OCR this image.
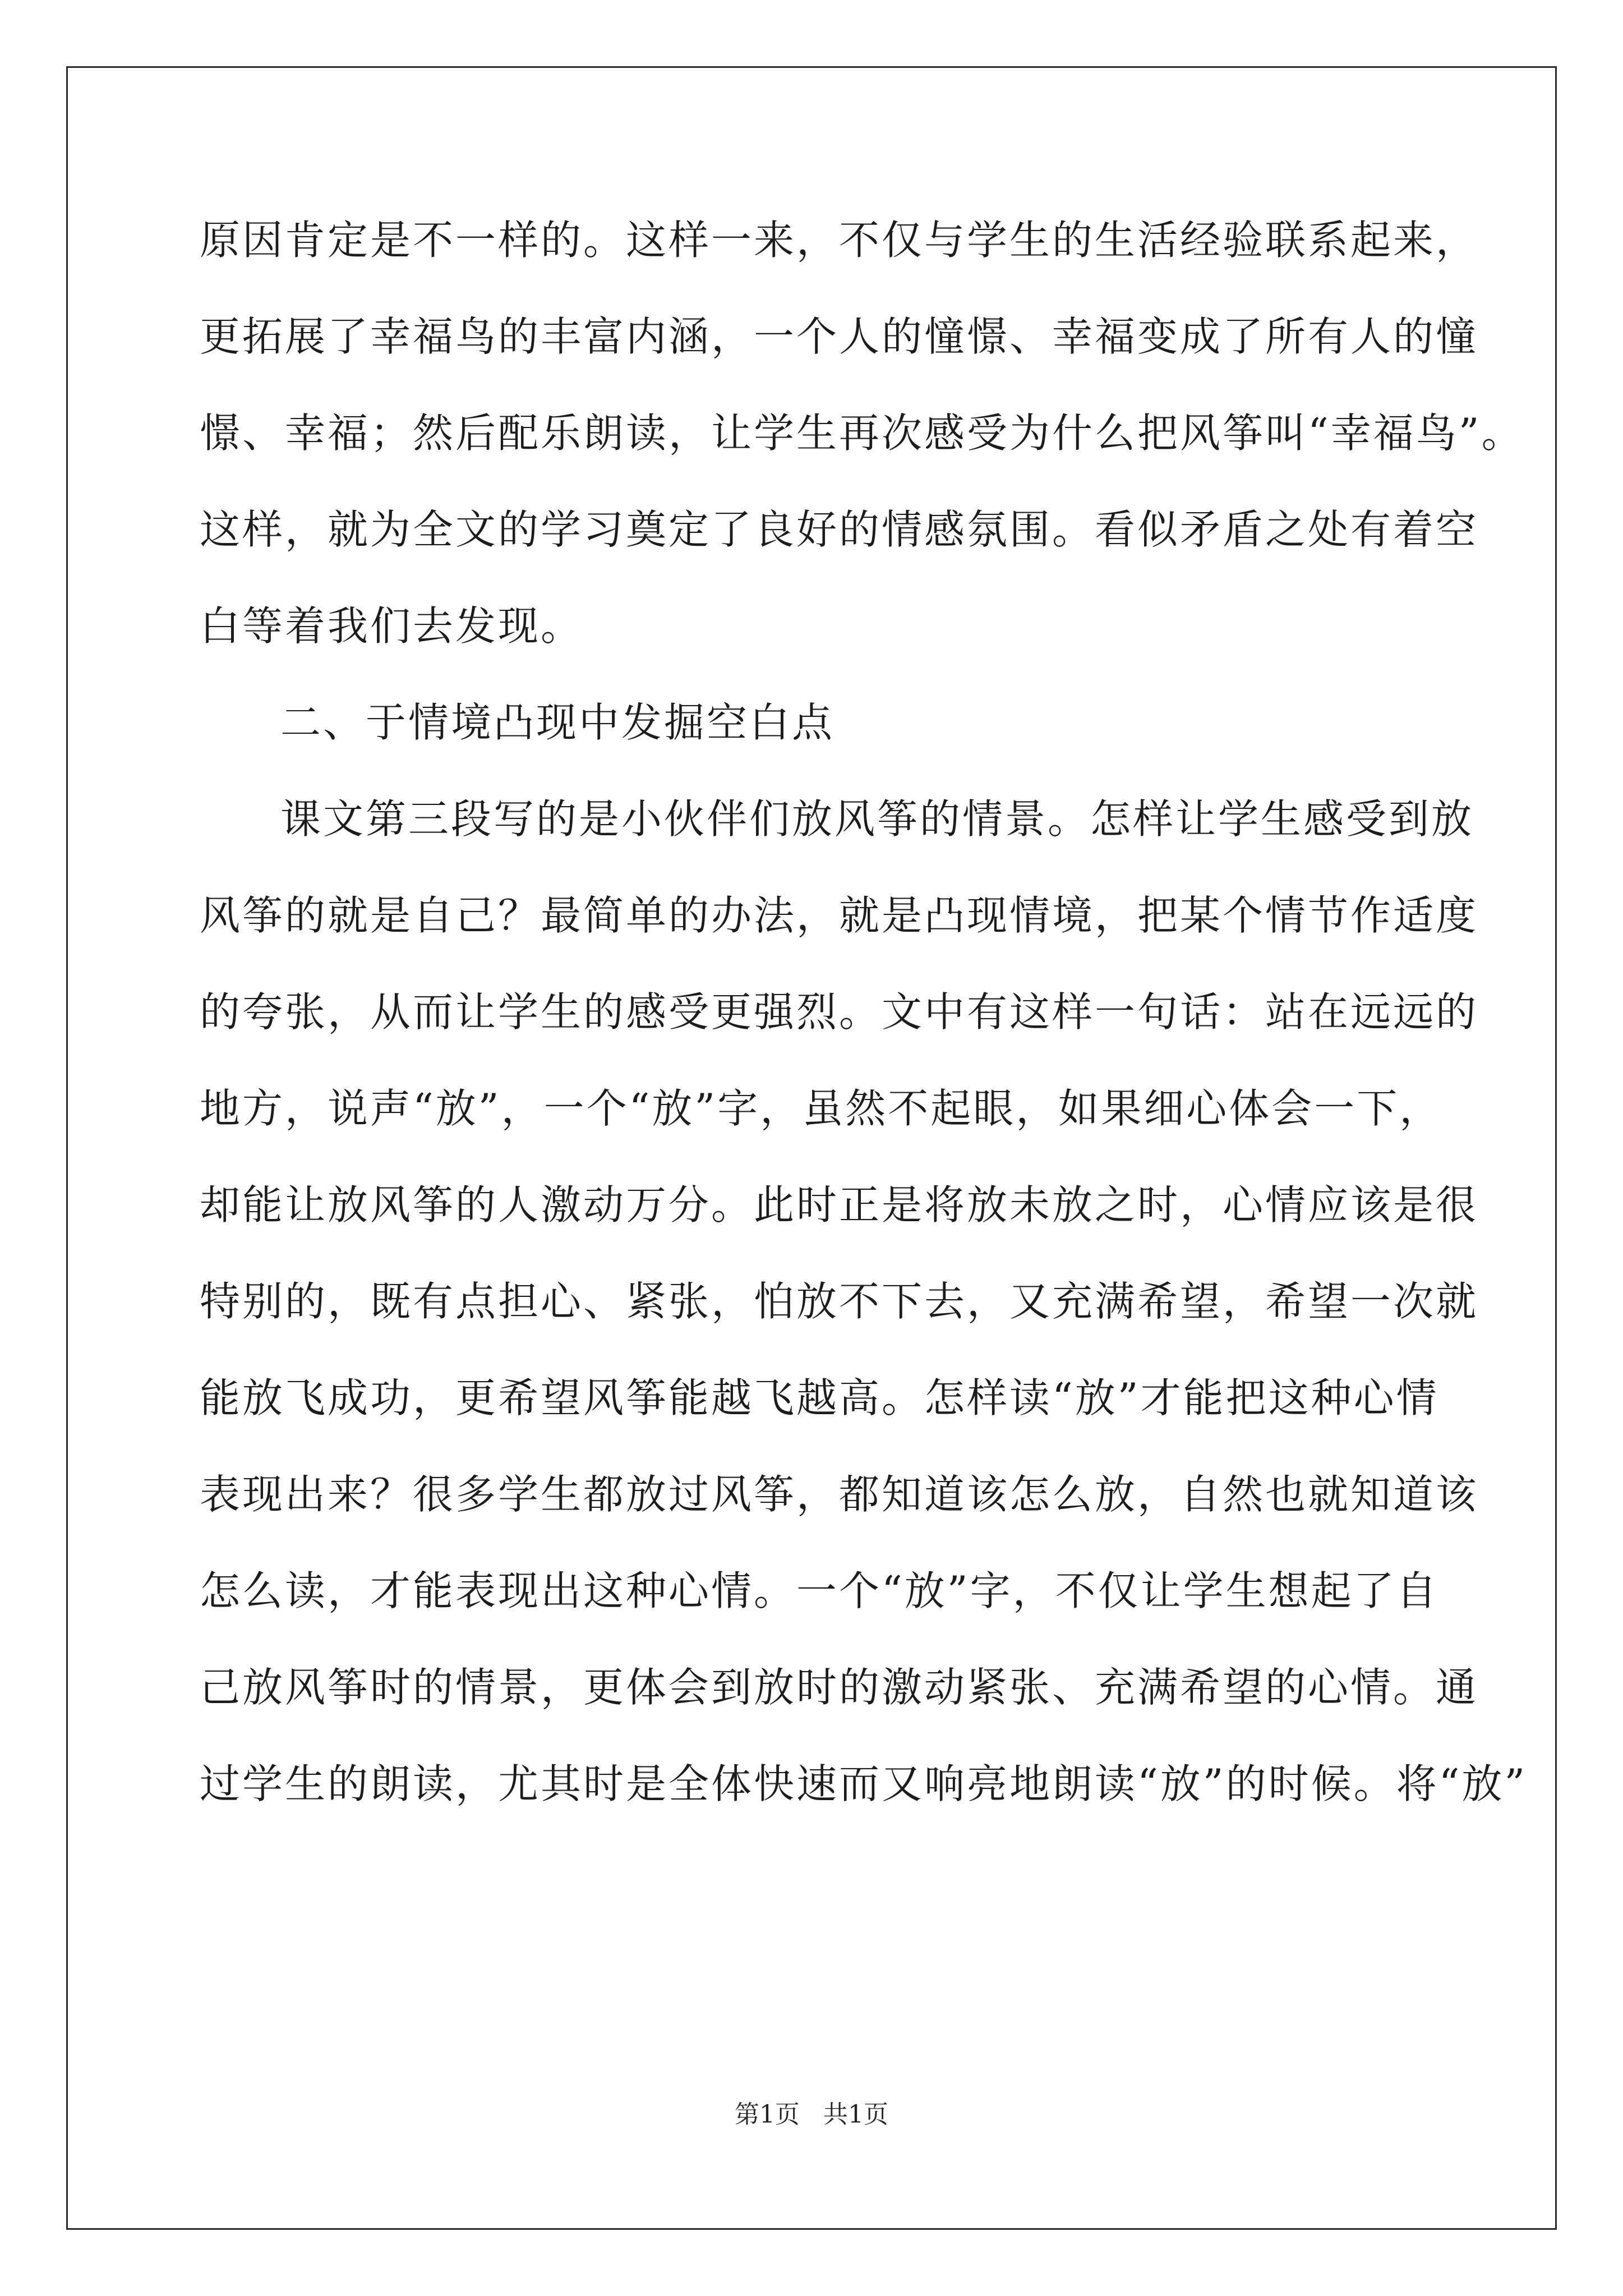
原因肯定是不一样的。这样一来，不仅与学生的生活经验联系起来，
更拓展了幸福鸟的丰富内涵，一个人的憧憬、幸福变成了所有人的憧
憬、幸福；然后配乐朗读，让学生再次感受为什么把风筝叫“幸福鸟”。
这样，就为全文的学习奠定了良好的情感氛围。看似矛盾之处有着空
白等着我们去发现。
二、于情境凸现中发掘空白点
课文第三段写的是小伙伴们放风筝的情景。怎样让学生感受到放
风筝的就是自己？最简单的办法，就是凸现情境，把某个情节作适度
的夸张，从而让学生的感受更强烈。文中有这样一句话：站在远远的
地方，说声“放”，一个“放”字，虽然不起眼，如果细心体会一下，
却能让放风筝的人激动万分。此时正是将放未放之时，心情应该是很
特别的，既有点担心、紧张，怕放不下去，又充满希望，希望一次就
能放飞成功，更希望风筝能越飞越高。怎样读“放”才能把这种心情
表现出来？很多学生都放过风筝，都知道该怎么放，自然也就知道该
怎么读，才能表现出这种心情。一个“放”字，不仅让学生想起了自
己放风筝时的情景，更体会到放时的激动紧张、充满希望的心情。通
过学生的朗读，尤其时是全体快速而又响亮地朗读“放”的时候。将“放”
第1页   共1页
